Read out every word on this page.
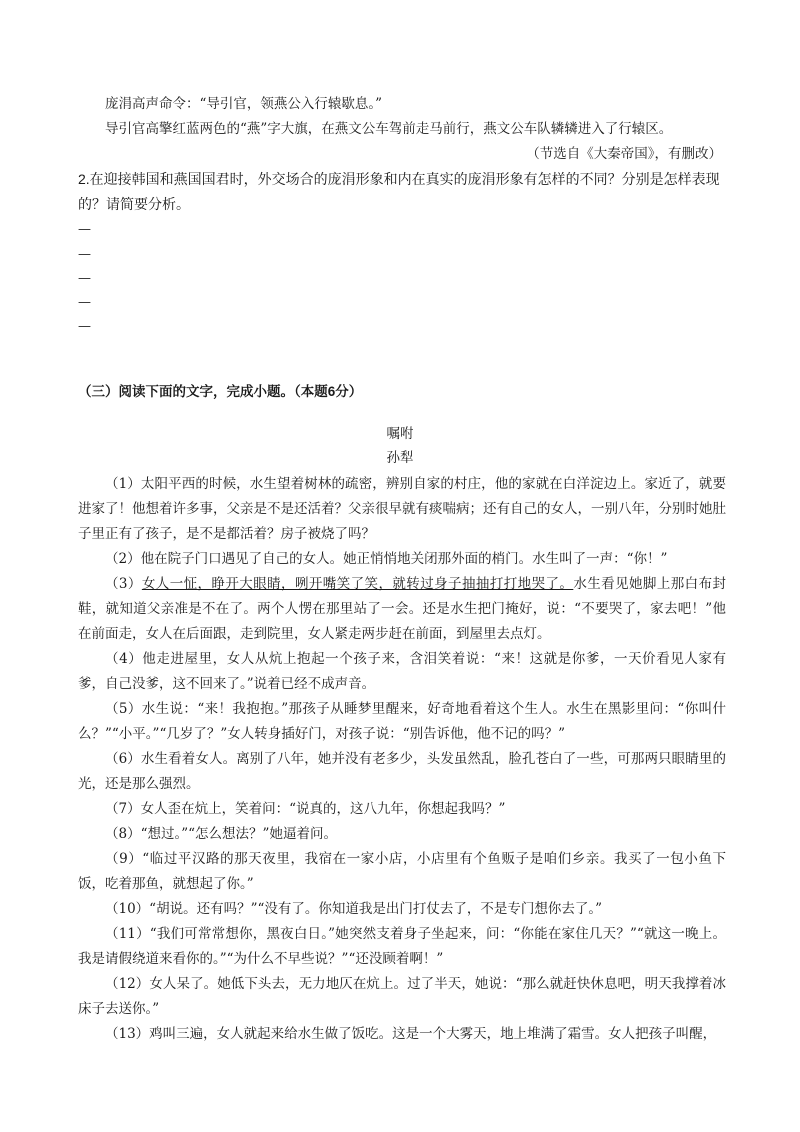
庞涓高声命令：“导引官，领燕公入行辕歇息。”

导引官高擎红蓝两色的“燕”字大旗，在燕文公车驾前走马前行，燕文公车队辚辚进入了行辕区。

（节选自《大秦帝国》，有删改）

2.在迎接韩国和燕国国君时，外交场合的庞涓形象和内在真实的庞涓形象有怎样的不同？分别是怎样表现的？请简要分析。

—

—

—

—

—

（三）阅读下面的文字，完成小题。（本题6分）

嘱咐

孙犁

（1）太阳平西的时候，水生望着树林的疏密，辨别自家的村庄，他的家就在白洋淀边上。家近了，就要进家了！他想着许多事，父亲是不是还活着？父亲很早就有痰喘病；还有自己的女人，一别八年，分别时她肚子里正有了孩子，是不是都活着？房子被烧了吗？

（2）他在院子门口遇见了自己的女人。她正悄悄地关闭那外面的梢门。水生叫了一声：“你！”

（3）女人一怔，睁开大眼睛，咧开嘴笑了笑，就转过身子抽抽打打地哭了。水生看见她脚上那白布封鞋，就知道父亲准是不在了。两个人愣在那里站了一会。还是水生把门掩好，说：“不要哭了，家去吧！”他在前面走，女人在后面跟，走到院里，女人紧走两步赶在前面，到屋里去点灯。

（4）他走进屋里，女人从炕上抱起一个孩子来，含泪笑着说：“来！这就是你爹，一天价看见人家有爹，自己没爹，这不回来了。”说着已经不成声音。

（5）水生说：“来！我抱抱。”那孩子从睡梦里醒来，好奇地看着这个生人。水生在黑影里问：“你叫什么？”“小平。”“几岁了？”女人转身插好门，对孩子说：“别告诉他，他不记的吗？”

（6）水生看着女人。离别了八年，她并没有老多少，头发虽然乱，脸孔苍白了一些，可那两只眼睛里的光，还是那么强烈。

（7）女人歪在炕上，笑着问：“说真的，这八九年，你想起我吗？”

（8）“想过。”“怎么想法？”她逼着问。

（9）“临过平汉路的那天夜里，我宿在一家小店，小店里有个鱼贩子是咱们乡亲。我买了一包小鱼下饭，吃着那鱼，就想起了你。”

（10）“胡说。还有吗？”“没有了。你知道我是出门打仗去了，不是专门想你去了。”

（11）“我们可常常想你，黑夜白日。”她突然支着身子坐起来，问：“你能在家住几天？”“就这一晚上。我是请假绕道来看你的。”“为什么不早些说？”“还没顾着啊！”

（12）女人呆了。她低下头去，无力地仄在炕上。过了半天，她说：“那么就赶快休息吧，明天我撑着冰床子去送你。”

（13）鸡叫三遍，女人就起来给水生做了饭吃。这是一个大雾天，地上堆满了霜雪。女人把孩子叫醒，
